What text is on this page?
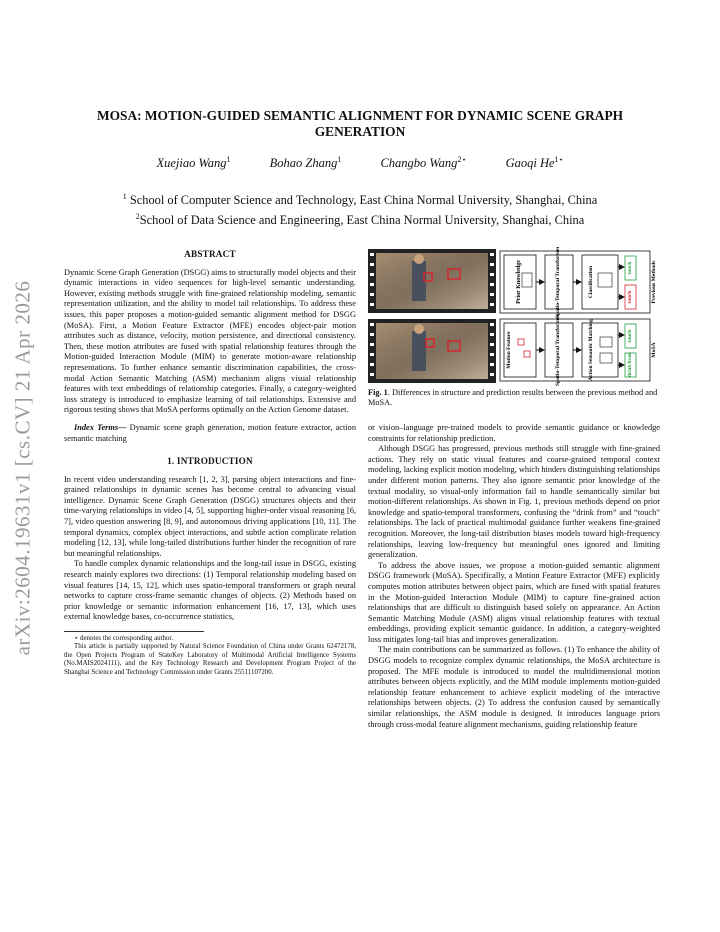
arXiv:2604.19631v1 [cs.CV] 21 Apr 2026
MOSA: MOTION-GUIDED SEMANTIC ALIGNMENT FOR DYNAMIC SCENE GRAPH GENERATION
Xuejiao Wang$^1$	Bohao Zhang$^1$	Changbo Wang$^{2⋆}$	Gaoqi $He^{1⋆}$
$^1$ School of Computer Science and Technology, East China Normal University, Shanghai, China
$^2$School of Data Science and Engineering, East China Normal University, Shanghai, China
ABSTRACT

Dynamic Scene Graph Generation (DSGG) aims to structurally model objects and their dynamic interactions in video sequences for high-level semantic understanding. However, existing methods struggle with fine-grained relationship modeling, semantic representation utilization, and the ability to model tail relationships. To address these issues, this paper proposes a motion-guided semantic alignment method for DSGG (MoSA). First, a Motion Feature Extractor (MFE) encodes object-pair motion attributes such as distance, velocity, motion persistence, and directional consistency. Then, these motion attributes are fused with spatial relationship features through the Motion-guided Interaction Module (MIM) to generate motion-aware relationship representations. To further enhance semantic discrimination capabilities, the cross-modal Action Semantic Matching (ASM) mechanism aligns visual relationship features with text embeddings of relationship categories. Finally, a category-weighted loss strategy is introduced to emphasize learning of tail relationships. Extensive and rigorous testing shows that MoSA performs optimally on the Action Genome dataset.

Index Terms— Dynamic scene graph generation, motion feature extractor, action semantic matching

1. INTRODUCTION

In recent video understanding research [1, 2, 3], parsing object interactions and fine-grained relationships in dynamic scenes has become central to advancing visual intelligence. Dynamic Scene Graph Generation (DSGG) structures objects and their time-varying relationships in video [4, 5], supporting higher-order visual reasoning [6, 7], video question answering [8, 9], and autonomous driving applications [10, 11]. The temporal dynamics, complex object interactions, and subtle action complicate relation modeling [12, 13], while long-tailed distributions further hinder the recognition of rare but meaningful relationships.

To handle complex dynamic relationships and the long-tail issue in DSGG, existing research mainly explores two directions: (1) Temporal relationship modeling based on visual features [14, 15, 12], which uses spatio-temporal transformers or graph neural networks to capture cross-frame semantic changes of objects. (2) Methods based on prior knowledge or semantic information enhancement [16, 17, 13], which uses external knowledge bases, co-occurrence statistics,

⋆ denotes the corresponding author.

This article is partially supported by Natural Science Foundation of China under Grants 62472178, the Open Projects Program of StateKey Laboratory of Multimodal Artificial Intelligence Systems (No.MAIS2024111), and the Key Technology Research and Development Program Project of the Shanghai Science and Technology Commission under Grants 25511107200.

Prior Knowledge	Spatio-Temporal Transformer	Classification	touch
touch	Previous Methods
Motion Feature	Spatio-Temporal Transformer	Action Semantic Matching	touch
drink from
MoSA
Fig. 1. Differences in structure and prediction results between the previous method and MoSA.

or vision–language pre-trained models to provide semantic guidance or knowledge constraints for relationship prediction.

Although DSGG has progressed, previous methods still struggle with fine-grained actions. They rely on static visual features and coarse-grained temporal context modeling, lacking explicit motion modeling, which hinders distinguishing relationships under different motion patterns. They also ignore semantic prior knowledge of the textual modality, so visual-only information fail to handle semantically similar but motion-different relationships. As shown in Fig. 1, previous methods depend on prior knowledge and spatio-temporal transformers, confusing the “drink from” and “touch” relationships. The lack of practical multimodal guidance further weakens fine-grained recognition. Moreover, the long-tail distribution biases models toward high-frequency relationships, leaving low-frequency but meaningful ones ignored and limiting generalization.

To address the above issues, we propose a motion-guided semantic alignment DSGG framework (MoSA). Specifically, a Motion Feature Extractor (MFE) explicitly computes motion attributes between object pairs, which are fused with spatial features in the Motion-guided Interaction Module (MIM) to capture fine-grained action relationships that are difficult to distinguish based solely on appearance. An Action Semantic Matching Module (ASM) aligns visual relationship features with textual embeddings, providing explicit semantic guidance. In addition, a category-weighted loss mitigates long-tail bias and improves generalization.

The main contributions can be summarized as follows. (1) To enhance the ability of DSGG models to recognize complex dynamic relationships, the MoSA architecture is proposed. The MFE module is introduced to model the multidimensional motion attributes between objects explicitly, and the MIM module implements motion-guided relationship feature enhancement to achieve explicit modeling of the interactive relationships between objects. (2) To address the confusion caused by semantically similar relationships, the ASM module is designed. It introduces language priors through cross-modal feature alignment mechanisms, guiding relationship feature
